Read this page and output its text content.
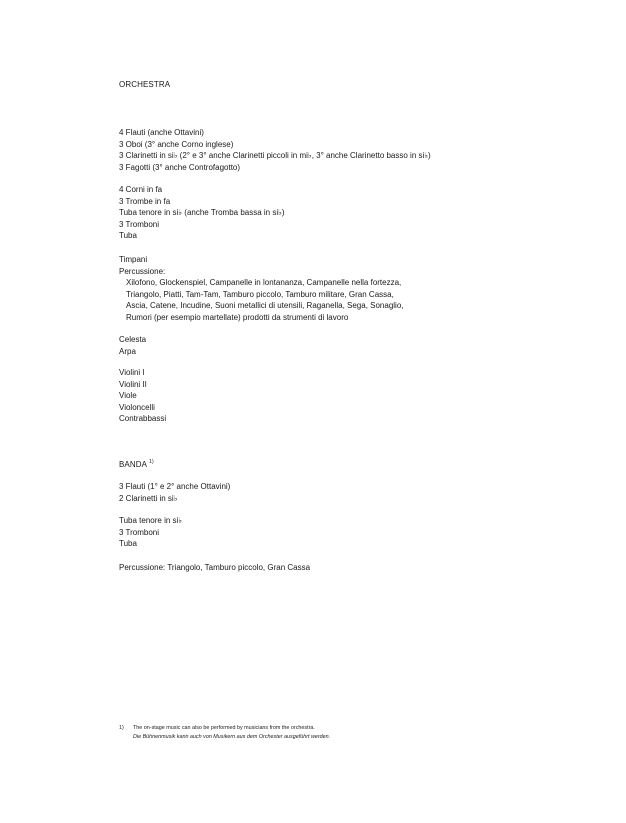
ORCHESTRA
4 Flauti (anche Ottavini)
3 Oboi (3° anche Corno inglese)
3 Clarinetti in si♭ (2° e 3° anche Clarinetti piccoli in mi♭, 3° anche Clarinetto basso in si♭)
3 Fagotti (3° anche Controfagotto)
4 Corni in fa
3 Trombe in fa
Tuba tenore in si♭ (anche Tromba bassa in si♭)
3 Tromboni
Tuba
Timpani
Percussione:
Xilofono, Glockenspiel, Campanelle in lontananza, Campanelle nella fortezza,
Triangolo, Piatti, Tam-Tam, Tamburo piccolo, Tamburo militare, Gran Cassa,
Ascia, Catene, Incudine, Suoni metallici di utensili, Raganella, Sega, Sonaglio,
Rumori (per esempio martellate) prodotti da strumenti di lavoro
Celesta
Arpa
Violini I
Violini II
Viole
Violoncelli
Contrabbassi
BANDA $^{1)}$
3 Flauti (1° e 2° anche Ottavini)
2 Clarinetti in si♭
Tuba tenore in si♭
3 Tromboni
Tuba
Percussione: Triangolo, Tamburo piccolo, Gran Cassa
1) The on-stage music can also be performed by musicians from the orchestra.
Die Bühnenmusik kann auch von Musikern aus dem Orchester ausgeführt werden.
